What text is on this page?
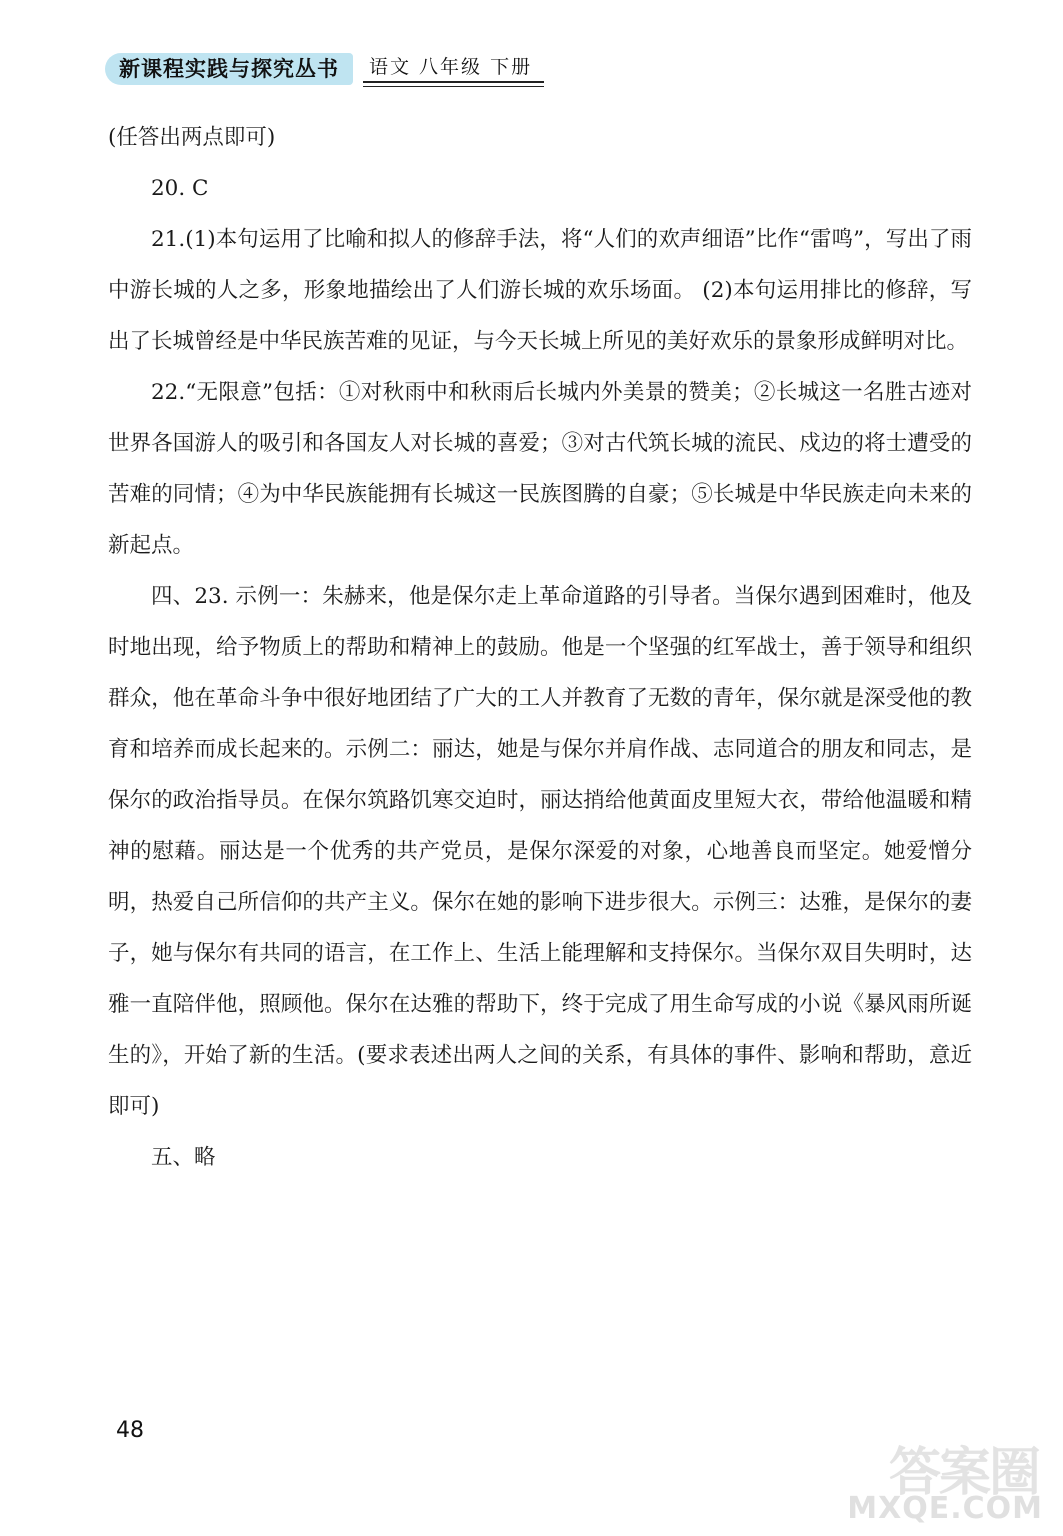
新课程实践与探究丛书	语文 八年级 下册

(任答出两点即可)

20. C

21.(1)本句运用了比喻和拟人的修辞手法，将“人们的欢声细语”比作“雷鸣”，写出了雨中游长城的人之多，形象地描绘出了人们游长城的欢乐场面。 (2)本句运用排比的修辞，写出了长城曾经是中华民族苦难的见证，与今天长城上所见的美好欢乐的景象形成鲜明对比。

22.“无限意”包括：①对秋雨中和秋雨后长城内外美景的赞美；②长城这一名胜古迹对世界各国游人的吸引和各国友人对长城的喜爱；③对古代筑长城的流民、戍边的将士遭受的苦难的同情；④为中华民族能拥有长城这一民族图腾的自豪；⑤长城是中华民族走向未来的新起点。

四、23. 示例一：朱赫来，他是保尔走上革命道路的引导者。当保尔遇到困难时，他及时地出现，给予物质上的帮助和精神上的鼓励。他是一个坚强的红军战士，善于领导和组织群众，他在革命斗争中很好地团结了广大的工人并教育了无数的青年，保尔就是深受他的教育和培养而成长起来的。示例二：丽达，她是与保尔并肩作战、志同道合的朋友和同志，是保尔的政治指导员。在保尔筑路饥寒交迫时，丽达捎给他黄面皮里短大衣，带给他温暖和精神的慰藉。丽达是一个优秀的共产党员，是保尔深爱的对象，心地善良而坚定。她爱憎分明，热爱自己所信仰的共产主义。保尔在她的影响下进步很大。示例三：达雅，是保尔的妻子，她与保尔有共同的语言，在工作上、生活上能理解和支持保尔。当保尔双目失明时，达雅一直陪伴他，照顾他。保尔在达雅的帮助下，终于完成了用生命写成的小说《暴风雨所诞生的》，开始了新的生活。(要求表述出两人之间的关系，有具体的事件、影响和帮助，意近即可)

五、略

48
答案圈
MXQE.COM
